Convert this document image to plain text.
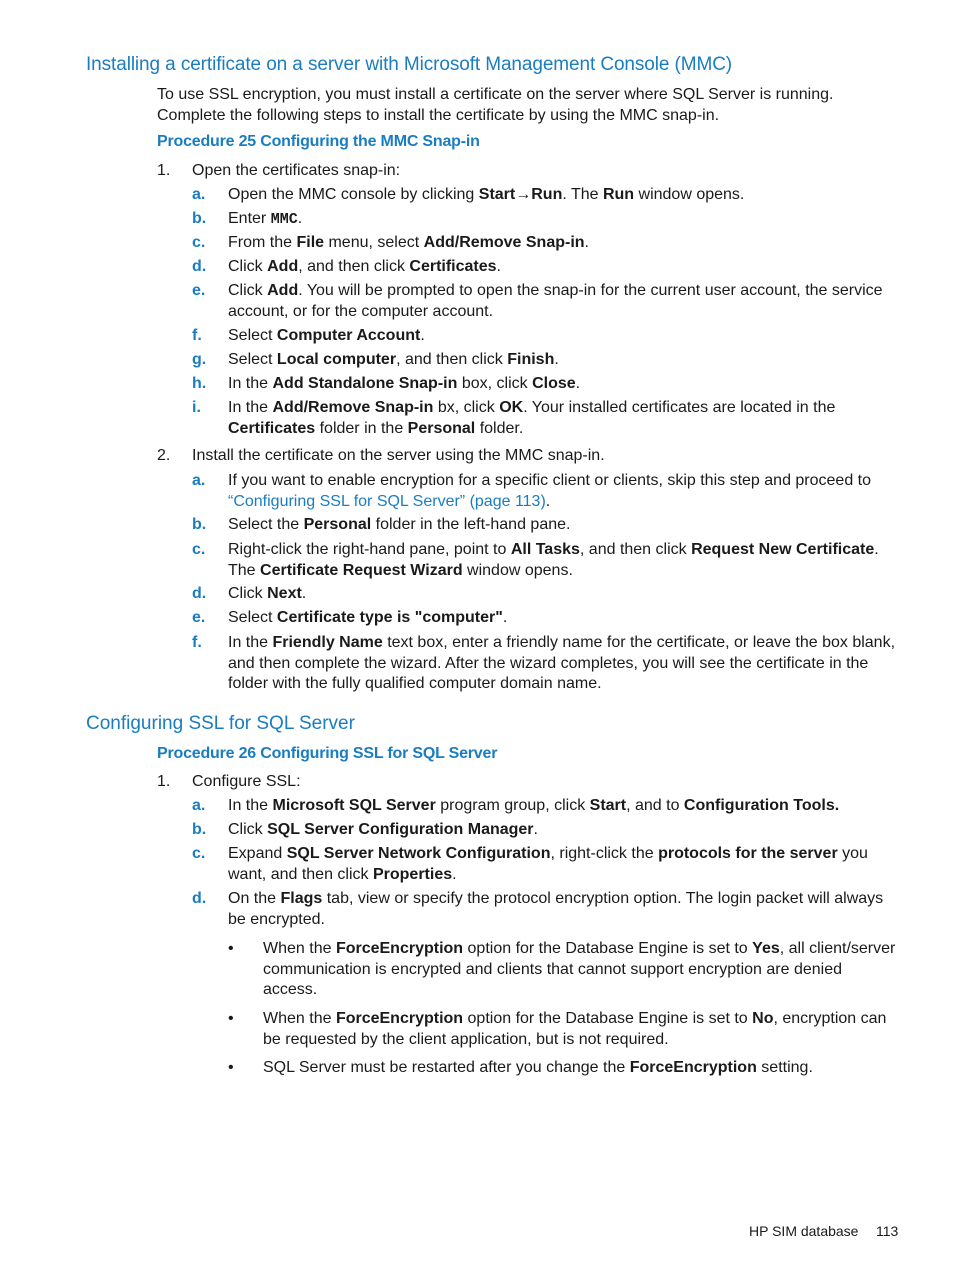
Installing a certificate on a server with Microsoft Management Console (MMC)
To use SSL encryption, you must install a certificate on the server where SQL Server is running. Complete the following steps to install the certificate by using the MMC snap-in.
Procedure 25 Configuring the MMC Snap-in
1. Open the certificates snap-in:
a. Open the MMC console by clicking Start→Run. The Run window opens.
b. Enter MMC.
c. From the File menu, select Add/Remove Snap-in.
d. Click Add, and then click Certificates.
e. Click Add. You will be prompted to open the snap-in for the current user account, the service account, or for the computer account.
f. Select Computer Account.
g. Select Local computer, and then click Finish.
h. In the Add Standalone Snap-in box, click Close.
i. In the Add/Remove Snap-in bx, click OK. Your installed certificates are located in the Certificates folder in the Personal folder.
2. Install the certificate on the server using the MMC snap-in.
a. If you want to enable encryption for a specific client or clients, skip this step and proceed to “Configuring SSL for SQL Server” (page 113).
b. Select the Personal folder in the left-hand pane.
c. Right-click the right-hand pane, point to All Tasks, and then click Request New Certificate. The Certificate Request Wizard window opens.
d. Click Next.
e. Select Certificate type is "computer".
f. In the Friendly Name text box, enter a friendly name for the certificate, or leave the box blank, and then complete the wizard. After the wizard completes, you will see the certificate in the folder with the fully qualified computer domain name.
Configuring SSL for SQL Server
Procedure 26 Configuring SSL for SQL Server
1. Configure SSL:
a. In the Microsoft SQL Server program group, click Start, and to Configuration Tools.
b. Click SQL Server Configuration Manager.
c. Expand SQL Server Network Configuration, right-click the protocols for the server you want, and then click Properties.
d. On the Flags tab, view or specify the protocol encryption option. The login packet will always be encrypted.
• When the ForceEncryption option for the Database Engine is set to Yes, all client/server communication is encrypted and clients that cannot support encryption are denied access.
• When the ForceEncryption option for the Database Engine is set to No, encryption can be requested by the client application, but is not required.
• SQL Server must be restarted after you change the ForceEncryption setting.
HP SIM database 113
